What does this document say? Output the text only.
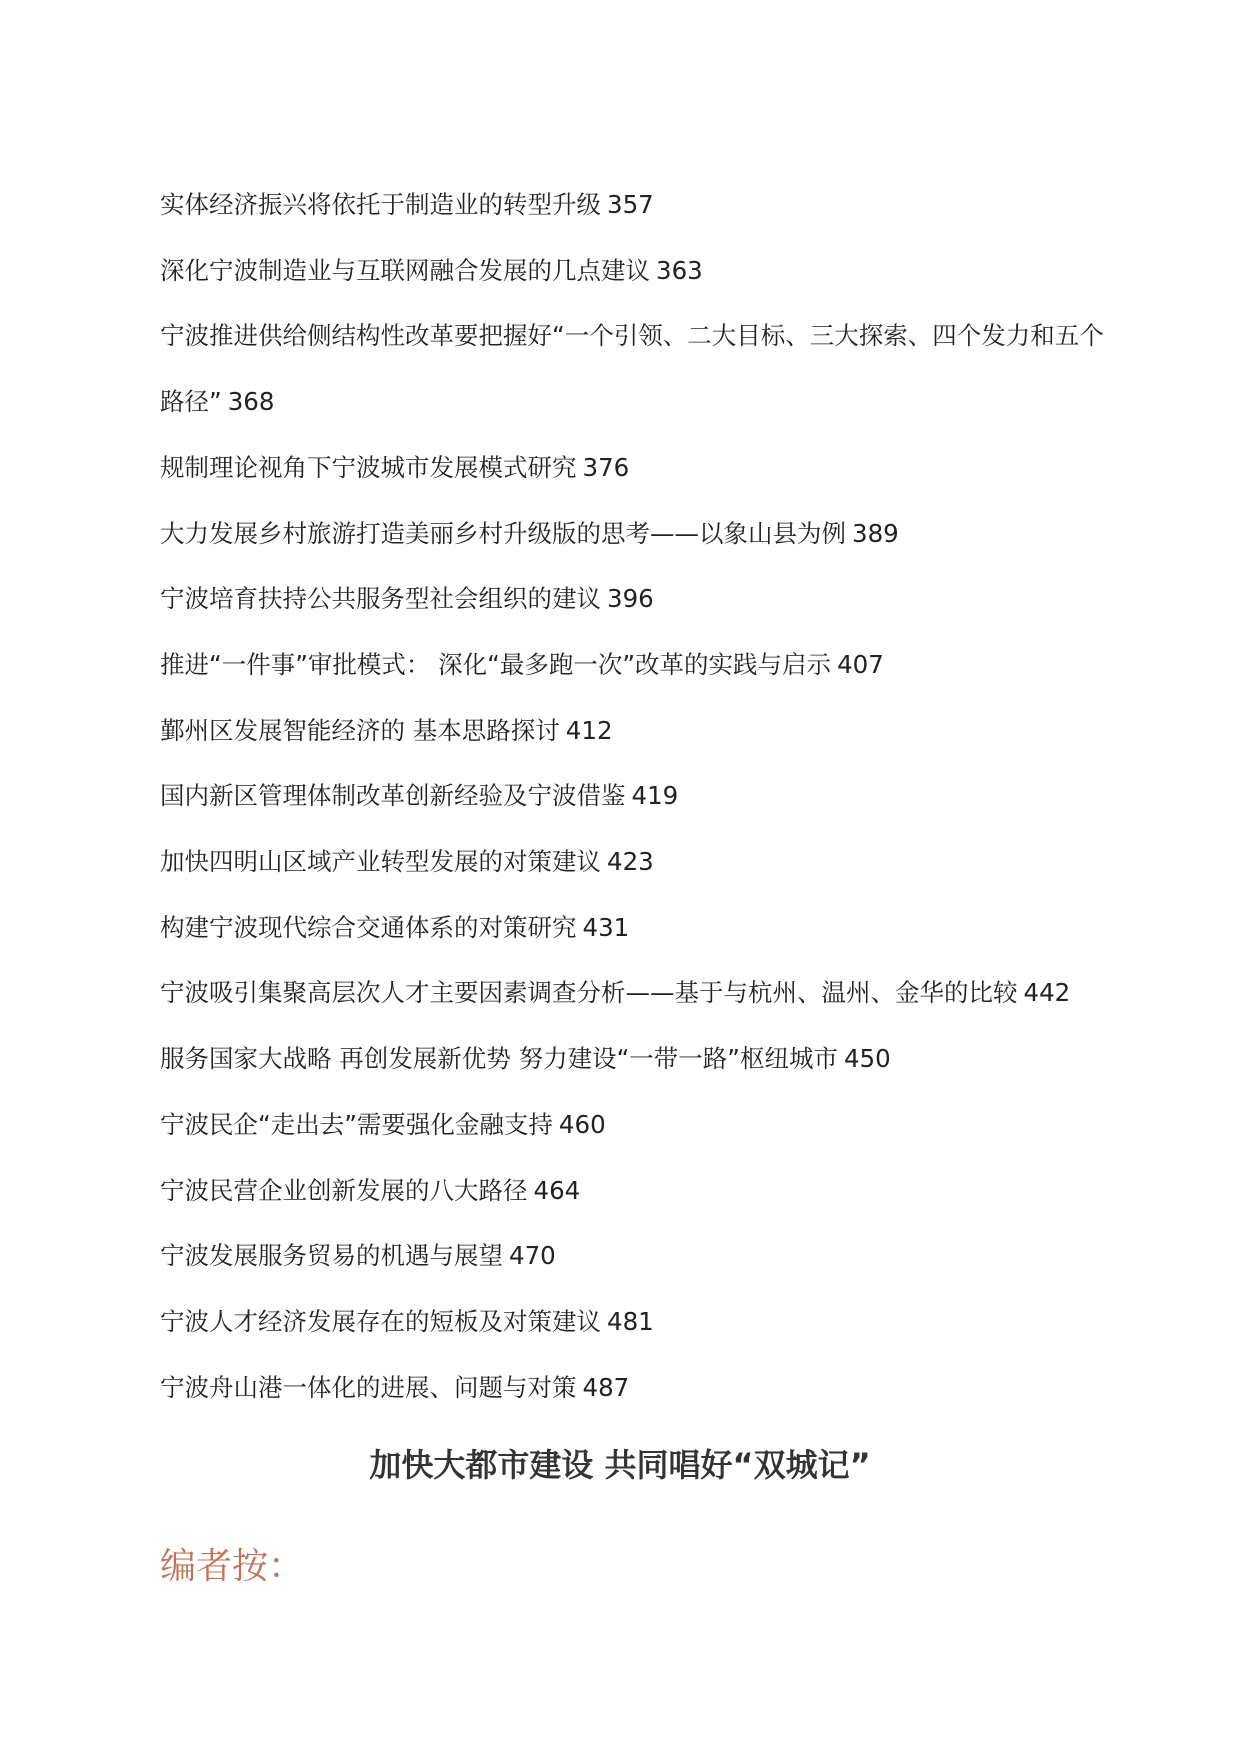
实体经济振兴将依托于制造业的转型升级 357
深化宁波制造业与互联网融合发展的几点建议 363
宁波推进供给侧结构性改革要把握好“一个引领、二大目标、三大探索、四个发力和五个路径” 368
规制理论视角下宁波城市发展模式研究 376
大力发展乡村旅游打造美丽乡村升级版的思考——以象山县为例 389
宁波培育扶持公共服务型社会组织的建议 396
推进“一件事”审批模式： 深化“最多跑一次”改革的实践与启示 407
鄞州区发展智能经济的 基本思路探讨 412
国内新区管理体制改革创新经验及宁波借鉴 419
加快四明山区域产业转型发展的对策建议 423
构建宁波现代综合交通体系的对策研究 431
宁波吸引集聚高层次人才主要因素调查分析——基于与杭州、温州、金华的比较 442
服务国家大战略 再创发展新优势 努力建设“一带一路”枢纽城市 450
宁波民企“走出去”需要强化金融支持 460
宁波民营企业创新发展的八大路径 464
宁波发展服务贸易的机遇与展望 470
宁波人才经济发展存在的短板及对策建议 481
宁波舟山港一体化的进展、问题与对策 487
加快大都市建设 共同唱好“双城记”
编者按：
